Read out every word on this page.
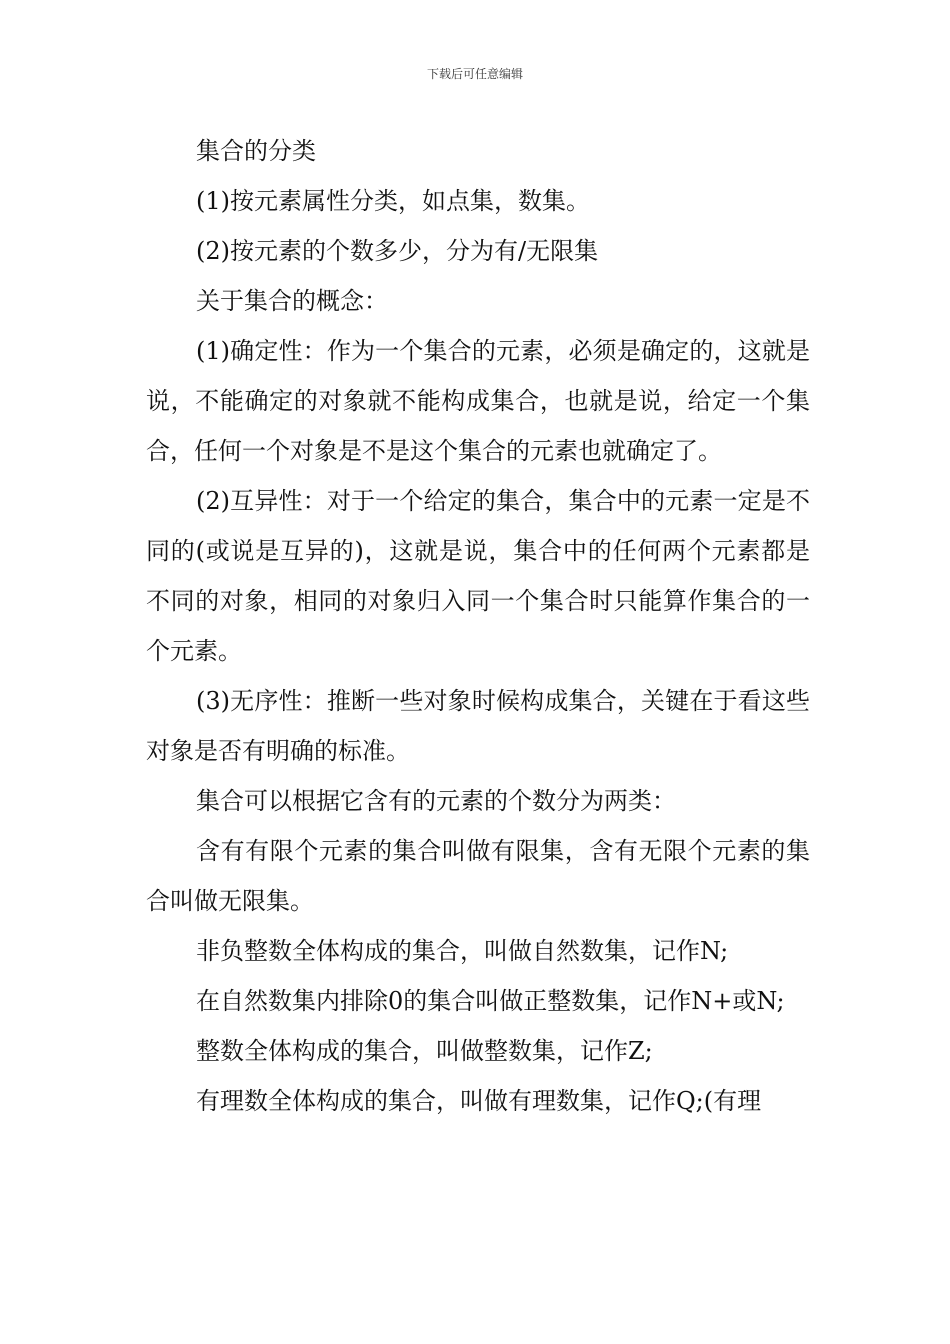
下载后可任意编辑

集合的分类

(1)按元素属性分类，如点集，数集。

(2)按元素的个数多少，分为有/无限集

关于集合的概念：

(1)确定性：作为一个集合的元素，必须是确定的，这就是说，不能确定的对象就不能构成集合，也就是说，给定一个集合，任何一个对象是不是这个集合的元素也就确定了。

(2)互异性：对于一个给定的集合，集合中的元素一定是不同的(或说是互异的)，这就是说，集合中的任何两个元素都是不同的对象，相同的对象归入同一个集合时只能算作集合的一个元素。

(3)无序性：推断一些对象时候构成集合，关键在于看这些对象是否有明确的标准。

集合可以根据它含有的元素的个数分为两类：

含有有限个元素的集合叫做有限集，含有无限个元素的集合叫做无限集。

非负整数全体构成的集合，叫做自然数集，记作N;

在自然数集内排除0的集合叫做正整数集，记作N+或N;

整数全体构成的集合，叫做整数集，记作Z;

有理数全体构成的集合，叫做有理数集，记作Q;(有理
